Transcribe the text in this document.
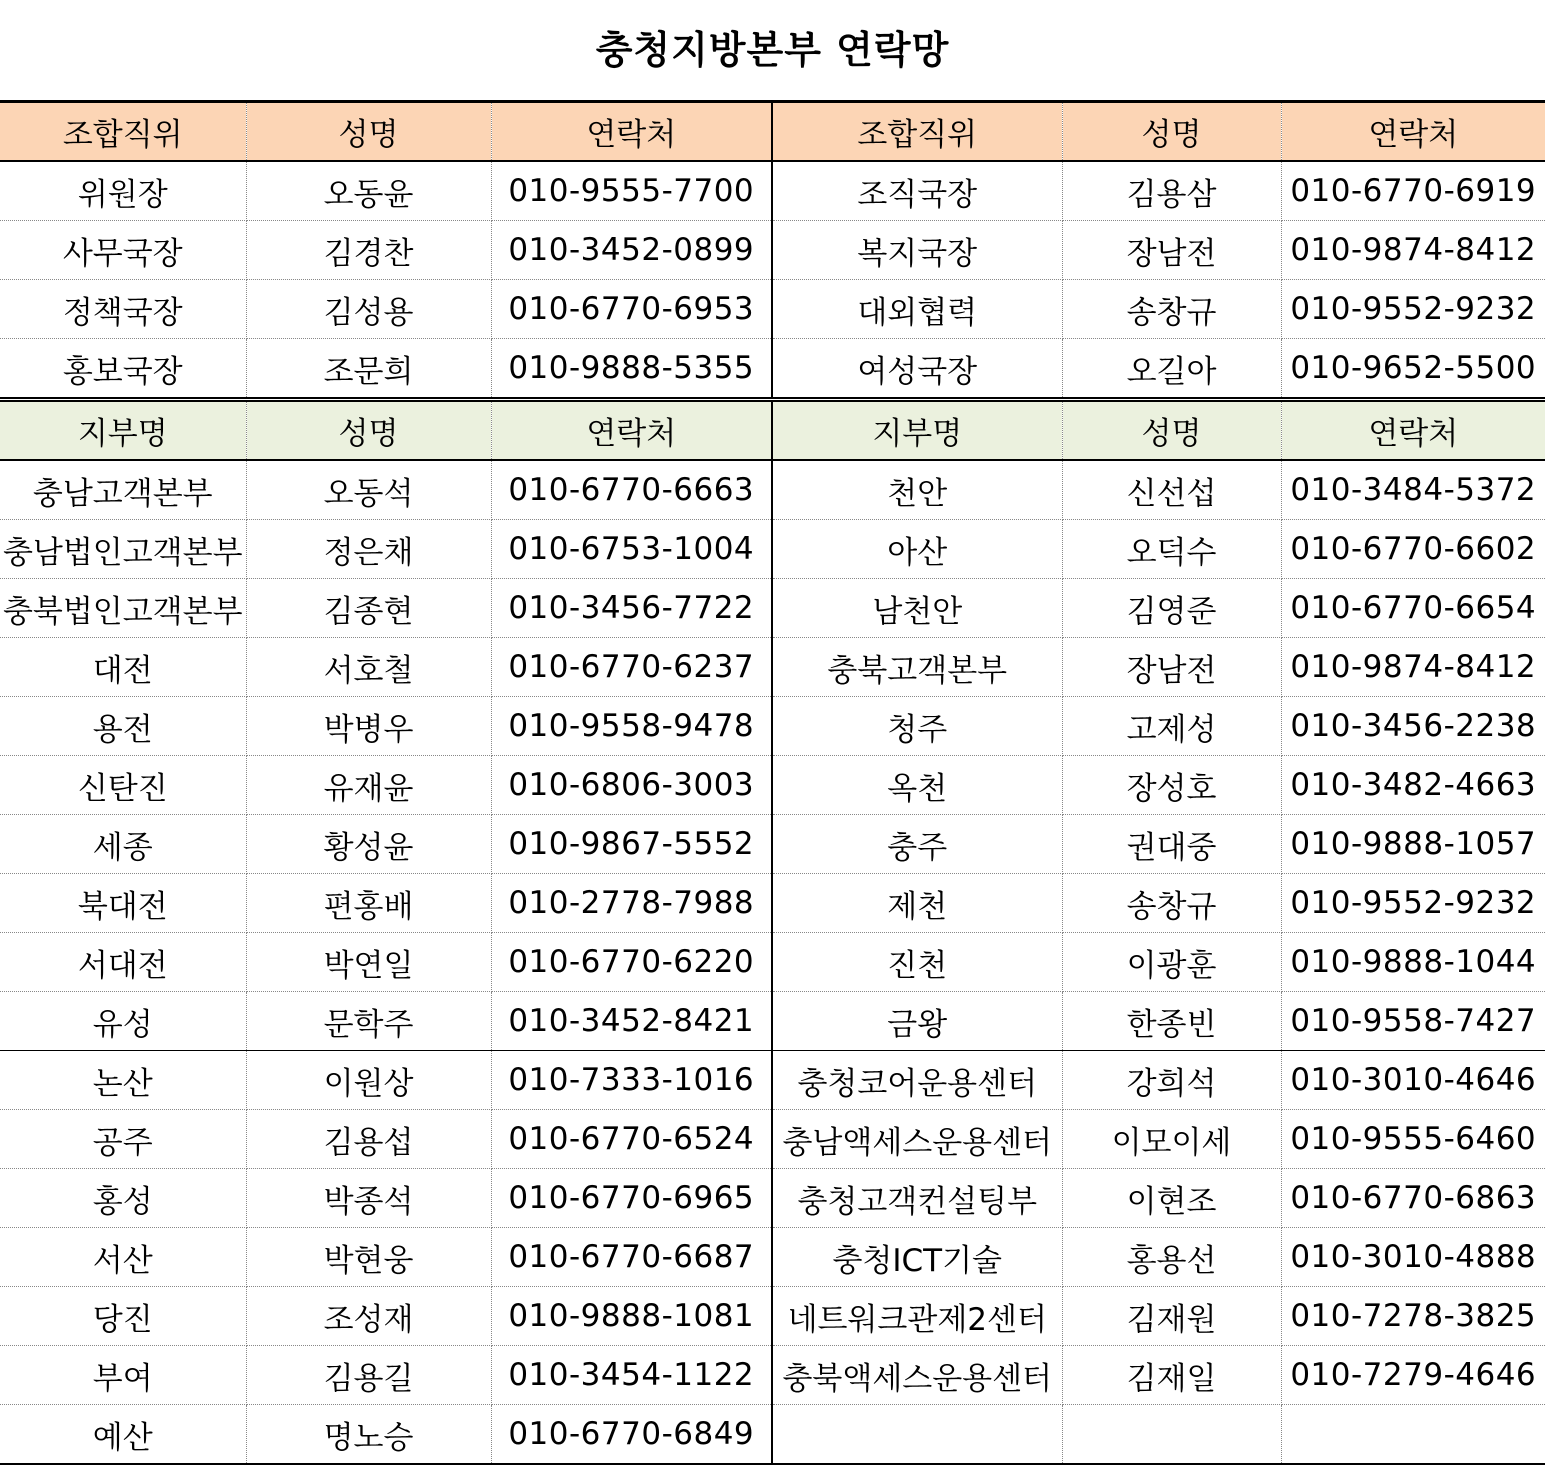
충청지방본부 연락망
조합직위	성명	연락처	조합직위	성명	연락처
위원장	오동윤	010-9555-7700	조직국장	김용삼	010-6770-6919
사무국장	김경찬	010-3452-0899	복지국장	장남전	010-9874-8412
정책국장	김성용	010-6770-6953	대외협력	송창규	010-9552-9232
홍보국장	조문희	010-9888-5355	여성국장	오길아	010-9652-5500
지부명	성명	연락처	지부명	성명	연락처
충남고객본부	오동석	010-6770-6663	천안	신선섭	010-3484-5372
충남법인고객본부	정은채	010-6753-1004	아산	오덕수	010-6770-6602
충북법인고객본부	김종현	010-3456-7722	남천안	김영준	010-6770-6654
대전	서호철	010-6770-6237	충북고객본부	장남전	010-9874-8412
용전	박병우	010-9558-9478	청주	고제성	010-3456-2238
신탄진	유재윤	010-6806-3003	옥천	장성호	010-3482-4663
세종	황성윤	010-9867-5552	충주	권대중	010-9888-1057
북대전	편홍배	010-2778-7988	제천	송창규	010-9552-9232
서대전	박연일	010-6770-6220	진천	이광훈	010-9888-1044
유성	문학주	010-3452-8421	금왕	한종빈	010-9558-7427
논산	이원상	010-7333-1016	충청코어운용센터	강희석	010-3010-4646
공주	김용섭	010-6770-6524	충남액세스운용센터	이모이세	010-9555-6460
홍성	박종석	010-6770-6965	충청고객컨설팅부	이현조	010-6770-6863
서산	박현웅	010-6770-6687	충청ICT기술	홍용선	010-3010-4888
당진	조성재	010-9888-1081	네트워크관제2센터	김재원	010-7278-3825
부여	김용길	010-3454-1122	충북액세스운용센터	김재일	010-7279-4646
예산	명노승	010-6770-6849			
